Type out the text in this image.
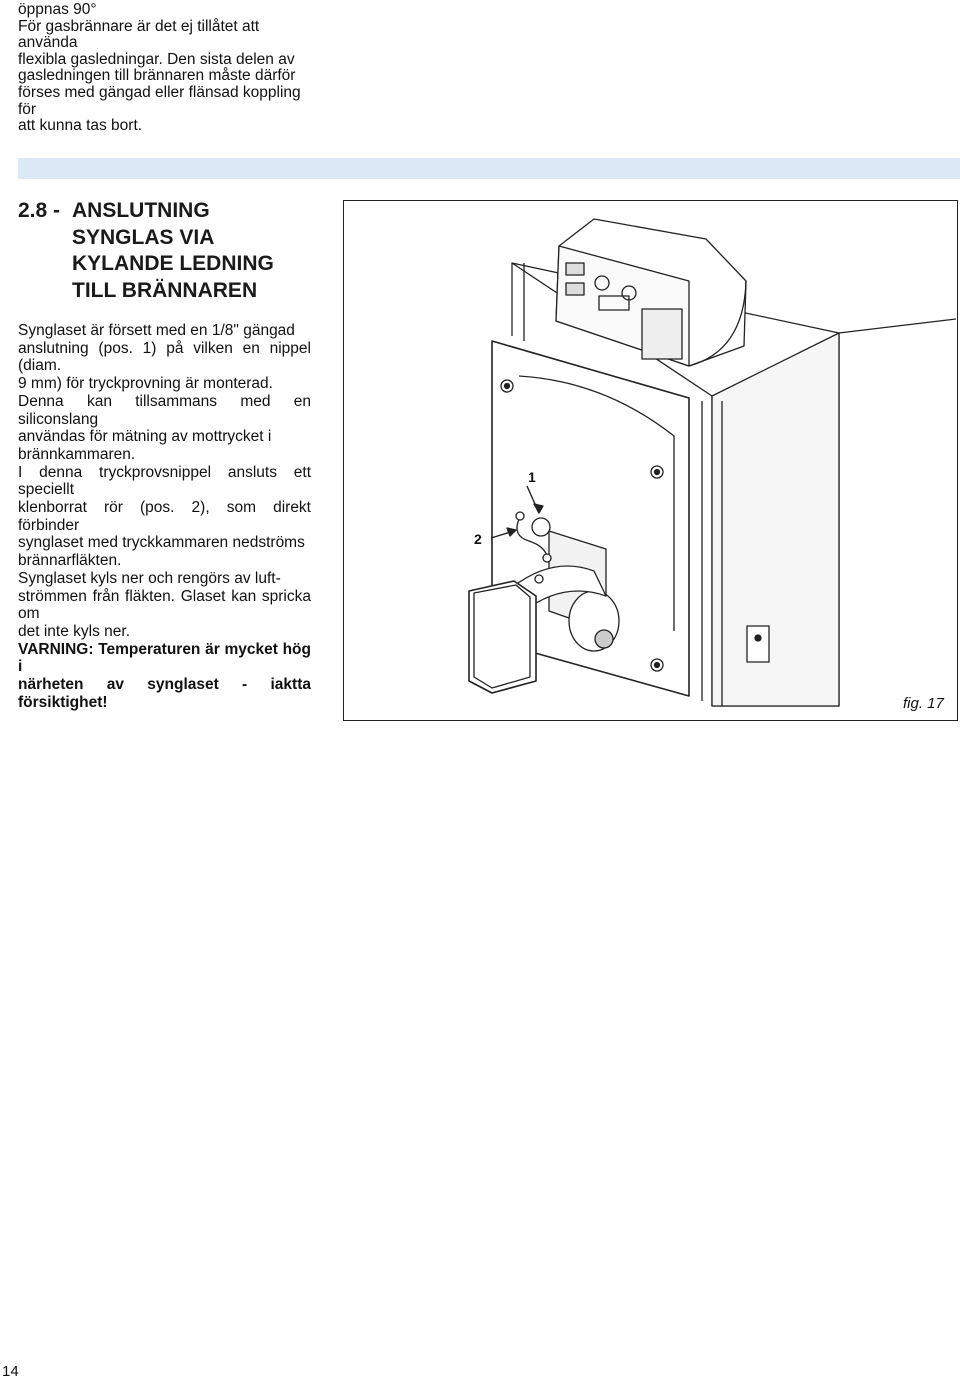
öppnas 90°

För gasbrännare är det ej tillåtet att använda

flexibla gasledningar. Den sista delen av

gasledningen till brännaren måste därför

förses med gängad eller flänsad koppling för

att kunna tas bort.

2.8 - ANSLUTNING
SYNGLAS VIA
KYLANDE LEDNING
TILL BRÄNNAREN

Synglaset är försett med en 1/8" gängad

anslutning (pos. 1) på vilken en nippel (diam.

9 mm) för tryckprovning är monterad.

Denna kan tillsammans med en siliconslang

användas för mätning av mottrycket i

brännkammaren.

I denna tryckprovsnippel ansluts ett speciellt

klenborrat rör (pos. 2), som direkt förbinder

synglaset med tryckkammaren nedströms

brännarfläkten.

Synglaset kyls ner och rengörs av luft-

strömmen från fläkten. Glaset kan spricka om

det inte kyls ner.

VARNING: Temperaturen är mycket hög i

närheten av synglaset - iaktta försiktighet!

1
2
fig. 17
14
